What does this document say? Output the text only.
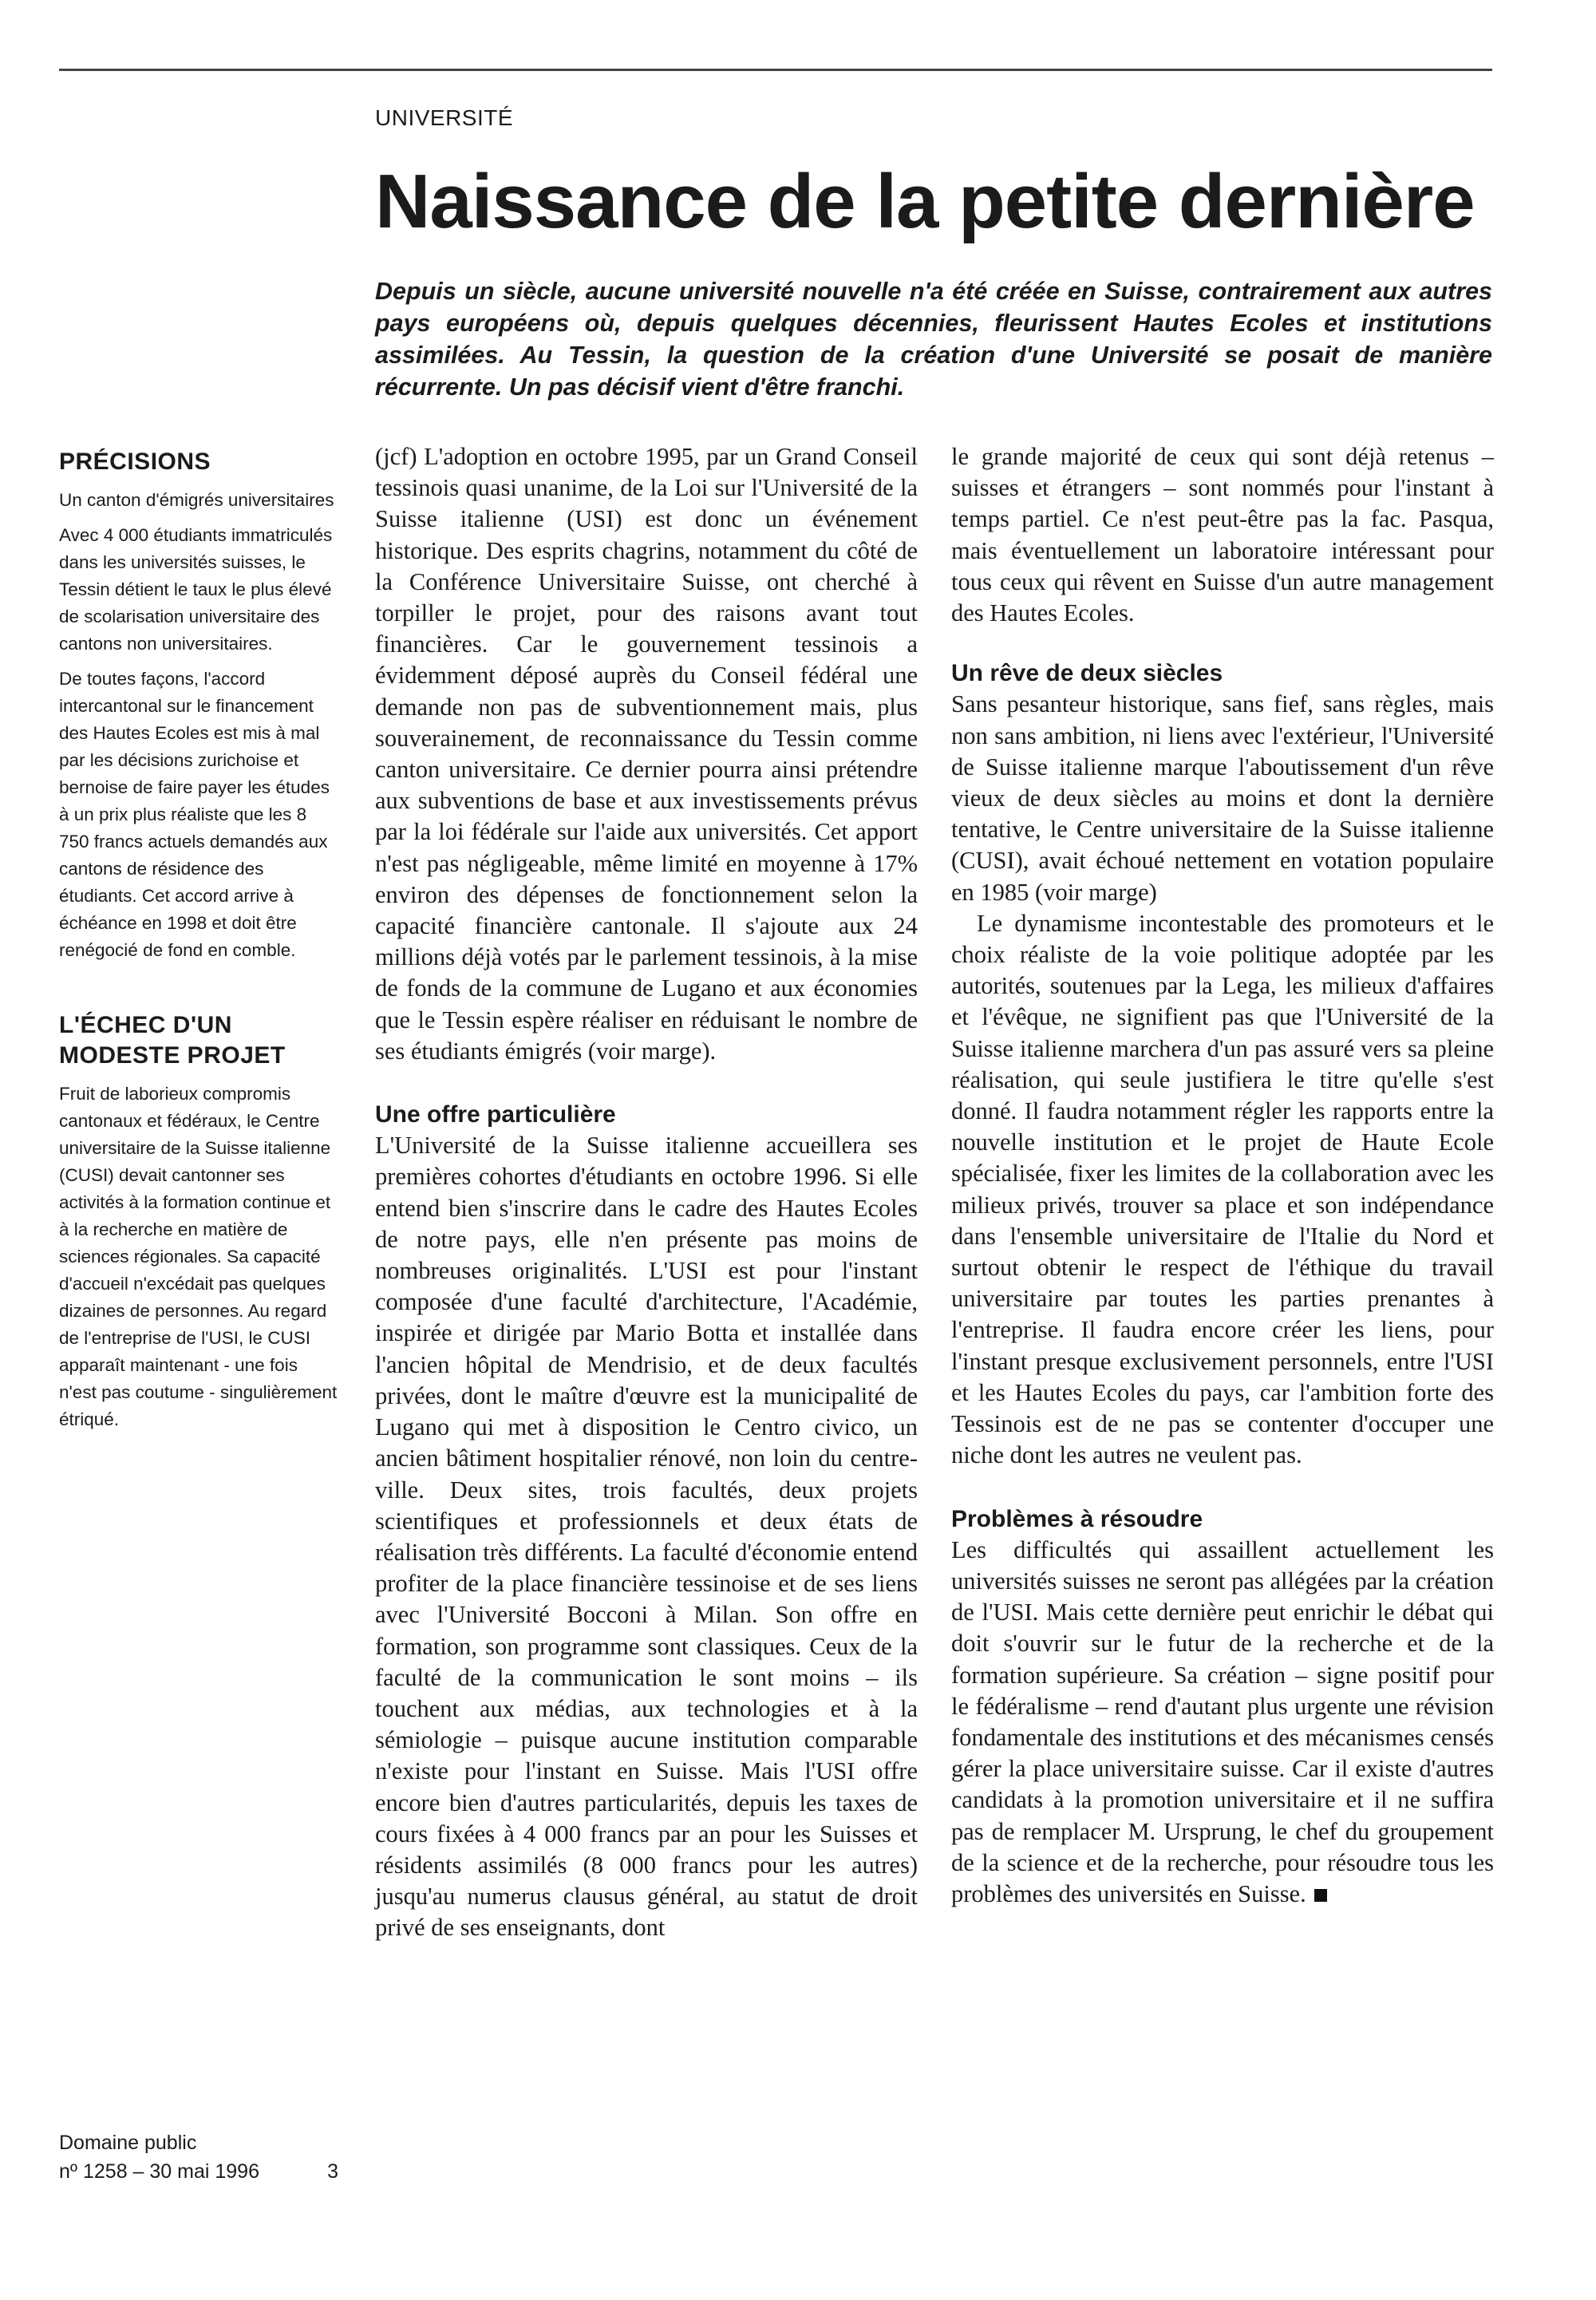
UNIVERSITÉ
Naissance de la petite dernière

Depuis un siècle, aucune université nouvelle n'a été créée en Suisse, contrairement aux autres pays européens où, depuis quelques décennies, fleurissent Hautes Ecoles et institutions assimilées. Au Tessin, la question de la création d'une Université se posait de manière récurrente. Un pas décisif vient d'être franchi.

PRÉCISIONS

Un canton d'émigrés universitaires

Avec 4 000 étudiants immatriculés dans les universités suisses, le Tessin détient le taux le plus élevé de scolarisation universitaire des cantons non universitaires.

De toutes façons, l'accord intercantonal sur le financement des Hautes Ecoles est mis à mal par les décisions zurichoise et bernoise de faire payer les études à un prix plus réaliste que les 8 750 francs actuels demandés aux cantons de résidence des étudiants. Cet accord arrive à échéance en 1998 et doit être renégocié de fond en comble.

L'ÉCHEC D'UN MODESTE PROJET

Fruit de laborieux compromis cantonaux et fédéraux, le Centre universitaire de la Suisse italienne (CUSI) devait cantonner ses activités à la formation continue et à la recherche en matière de sciences régionales. Sa capacité d'accueil n'excédait pas quelques dizaines de personnes. Au regard de l'entreprise de l'USI, le CUSI apparaît maintenant - une fois n'est pas coutume - singulièrement étriqué.

Domaine public
nº 1258 – 30 mai 1996	3

(jcf) L'adoption en octobre 1995, par un Grand Conseil tessinois quasi unanime, de la Loi sur l'Université de la Suisse italienne (USI) est donc un événement historique. Des esprits chagrins, notamment du côté de la Conférence Universitaire Suisse, ont cherché à torpiller le projet, pour des raisons avant tout financières. Car le gouvernement tessinois a évidemment déposé auprès du Conseil fédéral une demande non pas de subventionnement mais, plus souverainement, de reconnaissance du Tessin comme canton universitaire. Ce dernier pourra ainsi prétendre aux subventions de base et aux investissements prévus par la loi fédérale sur l'aide aux universités. Cet apport n'est pas négligeable, même limité en moyenne à 17% environ des dépenses de fonctionnement selon la capacité financière cantonale. Il s'ajoute aux 24 millions déjà votés par le parlement tessinois, à la mise de fonds de la commune de Lugano et aux économies que le Tessin espère réaliser en réduisant le nombre de ses étudiants émigrés (voir marge).

Une offre particulière

L'Université de la Suisse italienne accueillera ses premières cohortes d'étudiants en octobre 1996. Si elle entend bien s'inscrire dans le cadre des Hautes Ecoles de notre pays, elle n'en présente pas moins de nombreuses originalités. L'USI est pour l'instant composée d'une faculté d'architecture, l'Académie, inspirée et dirigée par Mario Botta et installée dans l'ancien hôpital de Mendrisio, et de deux facultés privées, dont le maître d'œuvre est la municipalité de Lugano qui met à disposition le Centro civico, un ancien bâtiment hospitalier rénové, non loin du centre-ville. Deux sites, trois facultés, deux projets scientifiques et professionnels et deux états de réalisation très différents. La faculté d'économie entend profiter de la place financière tessinoise et de ses liens avec l'Université Bocconi à Milan. Son offre en formation, son programme sont classiques. Ceux de la faculté de la communication le sont moins – ils touchent aux médias, aux technologies et à la sémiologie – puisque aucune institution comparable n'existe pour l'instant en Suisse. Mais l'USI offre encore bien d'autres particularités, depuis les taxes de cours fixées à 4 000 francs par an pour les Suisses et résidents assimilés (8 000 francs pour les autres) jusqu'au numerus clausus général, au statut de droit privé de ses enseignants, dont

le grande majorité de ceux qui sont déjà retenus – suisses et étrangers – sont nommés pour l'instant à temps partiel. Ce n'est peut-être pas la fac. Pasqua, mais éventuellement un laboratoire intéressant pour tous ceux qui rêvent en Suisse d'un autre management des Hautes Ecoles.

Un rêve de deux siècles

Sans pesanteur historique, sans fief, sans règles, mais non sans ambition, ni liens avec l'extérieur, l'Université de Suisse italienne marque l'aboutissement d'un rêve vieux de deux siècles au moins et dont la dernière tentative, le Centre universitaire de la Suisse italienne (CUSI), avait échoué nettement en votation populaire en 1985 (voir marge)

Le dynamisme incontestable des promoteurs et le choix réaliste de la voie politique adoptée par les autorités, soutenues par la Lega, les milieux d'affaires et l'évêque, ne signifient pas que l'Université de la Suisse italienne marchera d'un pas assuré vers sa pleine réalisation, qui seule justifiera le titre qu'elle s'est donné. Il faudra notamment régler les rapports entre la nouvelle institution et le projet de Haute Ecole spécialisée, fixer les limites de la collaboration avec les milieux privés, trouver sa place et son indépendance dans l'ensemble universitaire de l'Italie du Nord et surtout obtenir le respect de l'éthique du travail universitaire par toutes les parties prenantes à l'entreprise. Il faudra encore créer les liens, pour l'instant presque exclusivement personnels, entre l'USI et les Hautes Ecoles du pays, car l'ambition forte des Tessinois est de ne pas se contenter d'occuper une niche dont les autres ne veulent pas.

Problèmes à résoudre

Les difficultés qui assaillent actuellement les universités suisses ne seront pas allégées par la création de l'USI. Mais cette dernière peut enrichir le débat qui doit s'ouvrir sur le futur de la recherche et de la formation supérieure. Sa création – signe positif pour le fédéralisme – rend d'autant plus urgente une révision fondamentale des institutions et des mécanismes censés gérer la place universitaire suisse. Car il existe d'autres candidats à la promotion universitaire et il ne suffira pas de remplacer M. Ursprung, le chef du groupement de la science et de la recherche, pour résoudre tous les problèmes des universités en Suisse.
